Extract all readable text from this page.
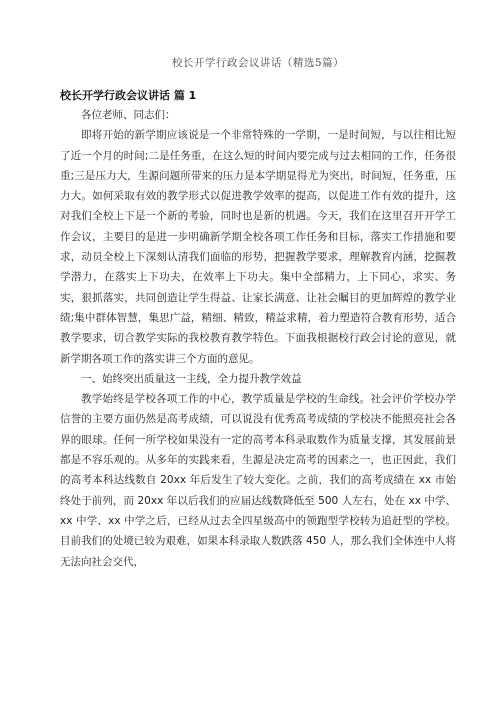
校长开学行政会议讲话（精选5篇）
校长开学行政会议讲话 篇 1

各位老师、同志们：

即将开始的新学期应该说是一个非常特殊的一学期，一是时间短，与以往相比短了近一个月的时间;二是任务重，在这么短的时间内要完成与过去相同的工作，任务很重;三是压力大，生源问题所带来的压力是本学期显得尤为突出，时间短，任务重，压力大。如何采取有效的教学形式以促进教学效率的提高，以促进工作有效的提升，这对我们全校上下是一个新的考验，同时也是新的机遇。今天，我们在这里召开开学工作会议，主要目的是进一步明确新学期全校各项工作任务和目标，落实工作措施和要求，动员全校上下深刻认清我们面临的形势，把握教学要求，理解教育内涵，挖掘教学潜力，在落实上下功夫，在效率上下功夫。集中全部精力，上下同心，求实、务实，狠抓落实，共同创造让学生得益、让家长满意、让社会瞩目的更加辉煌的教学业绩;集中群体智慧，集思广益，精细、精致，精益求精，着力塑造符合教育形势，适合教学要求，切合教学实际的我校教育教学特色。下面我根据校行政会讨论的意见，就新学期各项工作的落实讲三个方面的意见。

一、始终突出质量这一主线，全力提升教学效益

教学始终是学校各项工作的中心，教学质量是学校的生命线。社会评价学校办学信誉的主要方面仍然是高考成绩，可以说没有优秀高考成绩的学校决不能照亮社会各界的眼球。任何一所学校如果没有一定的高考本科录取数作为质量支撑，其发展前景都是不容乐观的。从多年的实践来看，生源是决定高考的因素之一，也正因此，我们的高考本科达线数自 20xx 年后发生了较大变化。之前，我们的高考成绩在 xx 市始终处于前列，而 20xx 年以后我们的应届达线数降低至 500 人左右，处在 xx 中学、xx 中学、xx 中学之后，已经从过去全四星级高中的领跑型学校转为追赶型的学校。目前我们的处境已较为艰难，如果本科录取人数跌落 450 人，那么我们全体连中人将无法向社会交代，
